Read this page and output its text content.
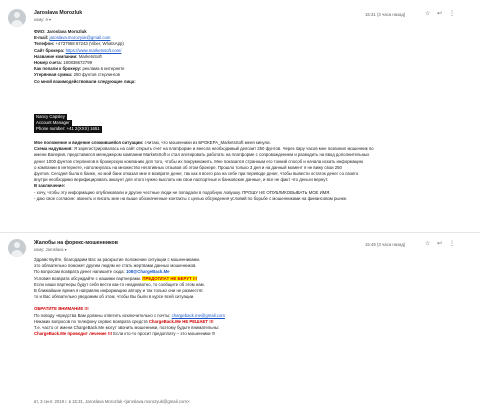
Jaroslava Morozluk
кому: я ▾
15:31 (3 часа назад)	☆ ↩ ⋮
ФИО: Jaroslava Morozluk
E-mail: jaroslava.morozyuk@gmail.com
Телефон: +4737958 67243 (Viber, WhatsApp)
Сайт брокера: https://www.marketssoft.com/
Название компании: MarketsSoft
Номер счета: 180838672799
Как попали к брокеру: реклама в интернете
Утерянная сумма: 250 фунтов стерлингов
Со мной взаимодействовали следующие лица:
Nancy Capsley
Account Manager
Phone number: +41 2(XXX) 1651
Мое положение и видение сложившейся ситуации: считаю, что мошенники из БРОКЕРА_MarketsSoft меня кинули.
Схема надувания: Я зарегистрировалась на сайт открыть счет на платформе и внесла необходимый депозит 250 фунтов. Через пару часов мне позвонил мошенник по
имени Валерия, представился менеджером компании MarketsSoft и стал агитировать работать на платформе с сопровождением и разводить на ввод дополнительных
денег 1000 фунтов стерлингов в брокерскую компанию для того, чтобы их покрумножить. Мне показался странным его тонкий способ и начала искать информацию
о компании в интернете, натолкнулась на множество негативных отзывов об этом брокере. Прошло только 3 дня и на данный момент я не вижу свои 250
фунтов. Сегодня была в банке, но мой банк отказал мне в возврате денег, так как я всего раз на себе при переводе денег, чтобы вывести остаток денег со своего
внутри необходимо верифицировать аккаунт для этого нужно выслать им свои паспортные и банковские данные, и все не факт что деньги вернут.
В заключение:
- хочу, чтобы эту информацию опубликовали и другие честные люди не попадали в подобную ловушку. ПРОШУ НЕ ОПУБЛИКОВЫВАТЬ МОЕ ИМЯ.
- даю свое согласие: звонить и писать мне на выше обозначенные контакты с целью обсуждения условий по борьбе с мошенниками на финансовом рынке.
Жалобы на форекс-мошенников
кому: Jaroslava ▾
15:49 (3 часа назад)	☆ ↩ ⋮
Здравствуйте, благодарим Вас за раскрытие положение ситуации с мошенниками.
это обязательно поможет другим людям не стать жертвами данных мошенников.
По вопросам возврата денег напишите сюда: 108@ChargeBack.Me
Условия возврата обсуждайте с нашими партнерами. ПРЕДОПЛАТ НЕ БЕРУТ !!!
Если наши партнеры будут себя вести как-то неадекватно, то сообщите об этом нам.
В ближайшие время я направлю информацию автору и так только они не разместят.
то и Вас обязательно уведомим об этом, чтобы Вы были в курсе всей ситуации.
ОБРАТИТЕ ВНИМАНИЕ !!!
По поводу «вредства Вам должны ответить исключительно с почты: chargeback.me@gmail.com
Никаких вопросов по телефону сервис возврата средств ChargeBack.Me НЕ РЕШАЕТ !!!
Т.е. часто от имени ChargeBack.Me могут звонить мошенники, поэтому будьте внимательны:
ChargeBack.Me проводит лечение !!! Если кто-то просит предоплату – это мошенники !!!
вт, 3 сент. 2019 г. в 15:31, Jaroslava Morozluk <jaroslava.morozyuk@gmail.com>:
